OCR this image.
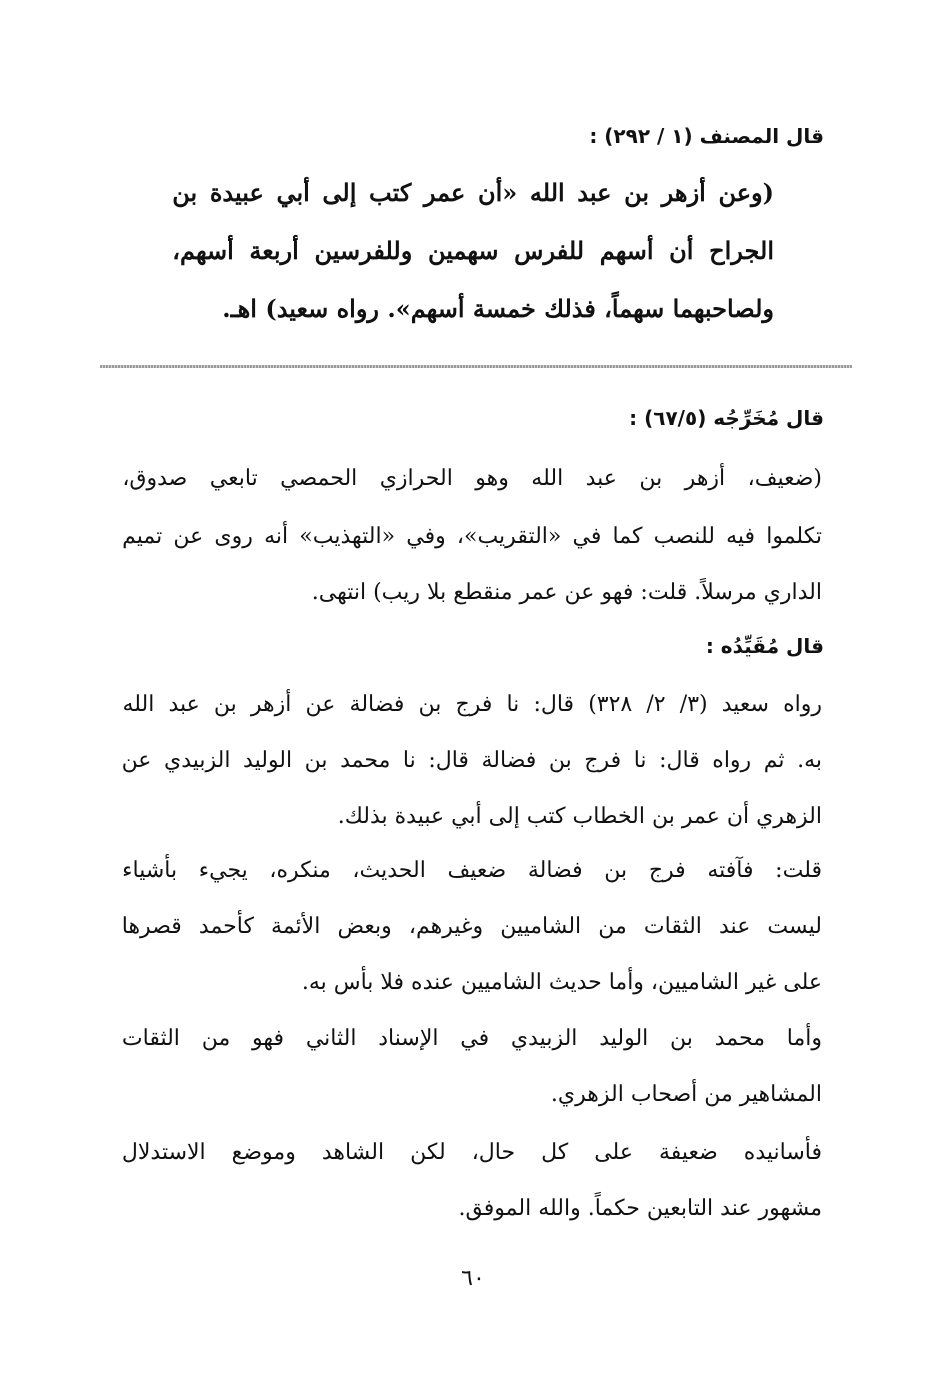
قال المصنف (١ / ٢٩٢) :
(وعن أزهر بن عبد الله «أن عمر كتب إلى أبي عبيدة بن
الجراح أن أسهم للفرس سهمين وللفرسين أربعة أسهم،
ولصاحبهما سهماً، فذلك خمسة أسهم». رواه سعيد) اهـ.
قال مُخَرِّجُه (٦٧/٥) :
(ضعيف، أزهر بن عبد الله وهو الحرازي الحمصي تابعي صدوق،
تكلموا فيه للنصب كما في «التقريب»، وفي «التهذيب» أنه روى عن تميم
الداري مرسلاً. قلت: فهو عن عمر منقطع بلا ريب) انتهى.
قال مُقَيِّدُه :
رواه سعيد (٣/ ٢/ ٣٢٨) قال: نا فرج بن فضالة عن أزهر بن عبد الله
به. ثم رواه قال: نا فرج بن فضالة قال: نا محمد بن الوليد الزبيدي عن
الزهري أن عمر بن الخطاب كتب إلى أبي عبيدة بذلك.
قلت: فآفته فرج بن فضالة ضعيف الحديث، منكره، يجيء بأشياء
ليست عند الثقات من الشاميين وغيرهم، وبعض الأئمة كأحمد قصرها
على غير الشاميين، وأما حديث الشاميين عنده فلا بأس به.
وأما محمد بن الوليد الزبيدي في الإسناد الثاني فهو من الثقات
المشاهير من أصحاب الزهري.
فأسانيده ضعيفة على كل حال، لكن الشاهد وموضع الاستدلال
مشهور عند التابعين حكماً. والله الموفق.
٦٠
